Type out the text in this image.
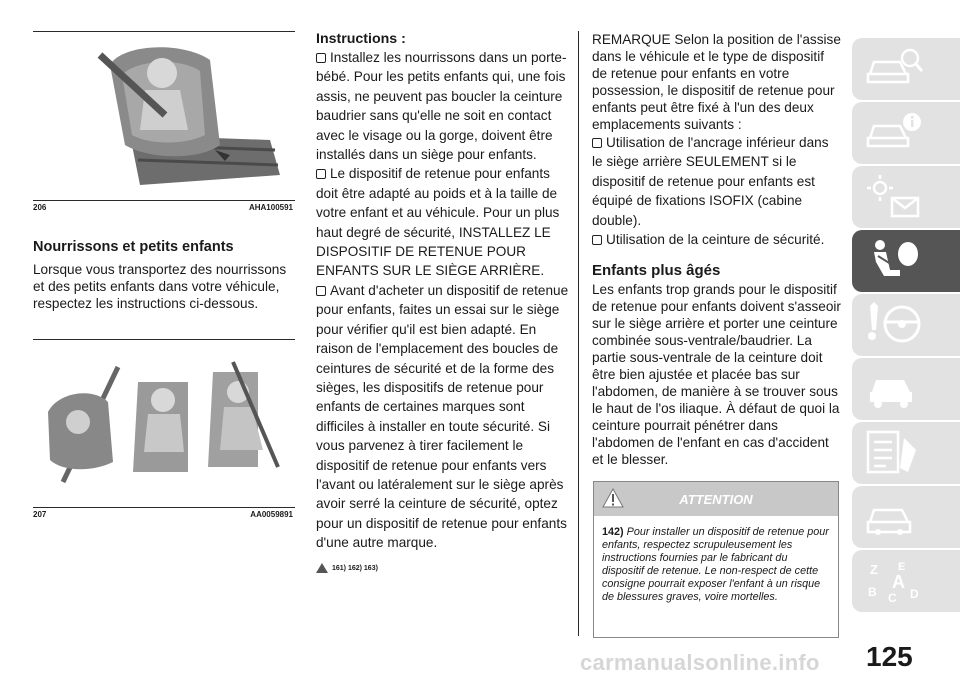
206	AHA100591
Nourrissons et petits enfants
Lorsque vous transportez des nourrissons et des petits enfants dans votre véhicule, respectez les instructions ci-dessous.
207	AA0059891
Instructions :
Installez les nourrissons dans un porte-bébé. Pour les petits enfants qui, une fois assis, ne peuvent pas boucler la ceinture baudrier sans qu'elle ne soit en contact avec le visage ou la gorge, doivent être installés dans un siège pour enfants.
Le dispositif de retenue pour enfants doit être adapté au poids et à la taille de votre enfant et au véhicule. Pour un plus haut degré de sécurité, INSTALLEZ LE DISPOSITIF DE RETENUE POUR ENFANTS SUR LE SIÈGE ARRIÈRE.
Avant d'acheter un dispositif de retenue pour enfants, faites un essai sur le siège pour vérifier qu'il est bien adapté. En raison de l'emplacement des boucles de ceintures de sécurité et de la forme des sièges, les dispositifs de retenue pour enfants de certaines marques sont difficiles à installer en toute sécurité. Si vous parvenez à tirer facilement le dispositif de retenue pour enfants vers l'avant ou latéralement sur le siège après avoir serré la ceinture de sécurité, optez pour un dispositif de retenue pour enfants d'une autre marque.
161) 162) 163)
REMARQUE Selon la position de l'assise dans le véhicule et le type de dispositif de retenue pour enfants en votre possession, le dispositif de retenue pour enfants peut être fixé à l'un des deux emplacements suivants :
Utilisation de l'ancrage inférieur dans le siège arrière SEULEMENT si le dispositif de retenue pour enfants est équipé de fixations ISOFIX (cabine double).
Utilisation de la ceinture de sécurité.
Enfants plus âgés
Les enfants trop grands pour le dispositif de retenue pour enfants doivent s'asseoir sur le siège arrière et porter une ceinture combinée sous-ventrale/baudrier. La partie sous-ventrale de la ceinture doit être bien ajustée et placée bas sur l'abdomen, de manière à se trouver sous le haut de l'os iliaque. À défaut de quoi la ceinture pourrait pénétrer dans l'abdomen de l'enfant en cas d'accident et le blesser.
ATTENTION
142) Pour installer un dispositif de retenue pour enfants, respectez scrupuleusement les instructions fournies par le fabricant du dispositif de retenue. Le non-respect de cette consigne pourrait exposer l'enfant à un risque de blessures graves, voire mortelles.
Z E
B C
A
D
125
carmanualsonline.info
